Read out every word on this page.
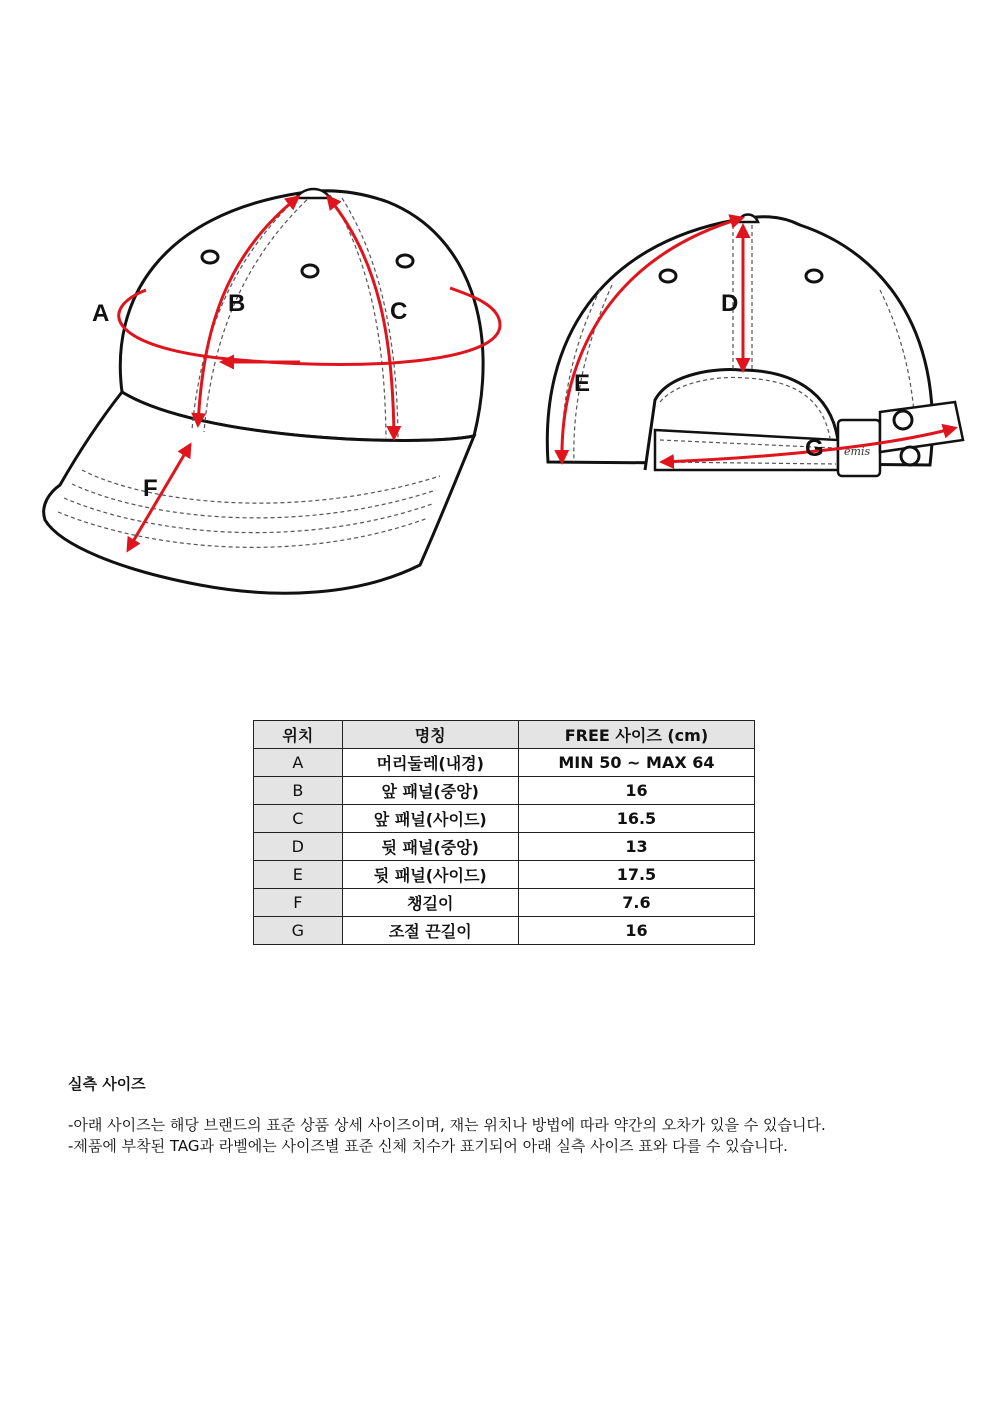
emis
A	B	C	D
E
F
G
위치	명칭	FREE 사이즈 (cm)
A	머리둘레(내경)	MIN 50 ~ MAX 64
B	앞 패널(중앙)	16
C	앞 패널(사이드)	16.5
D	뒷 패널(중앙)	13
E	뒷 패널(사이드)	17.5
F	챙길이	7.6
G	조절 끈길이	16
실측 사이즈
-아래 사이즈는 해당 브랜드의 표준 상품 상세 사이즈이며, 재는 위치나 방법에 따라 약간의 오차가 있을 수 있습니다.
-제품에 부착된 TAG과 라벨에는 사이즈별 표준 신체 치수가 표기되어 아래 실측 사이즈 표와 다를 수 있습니다.
